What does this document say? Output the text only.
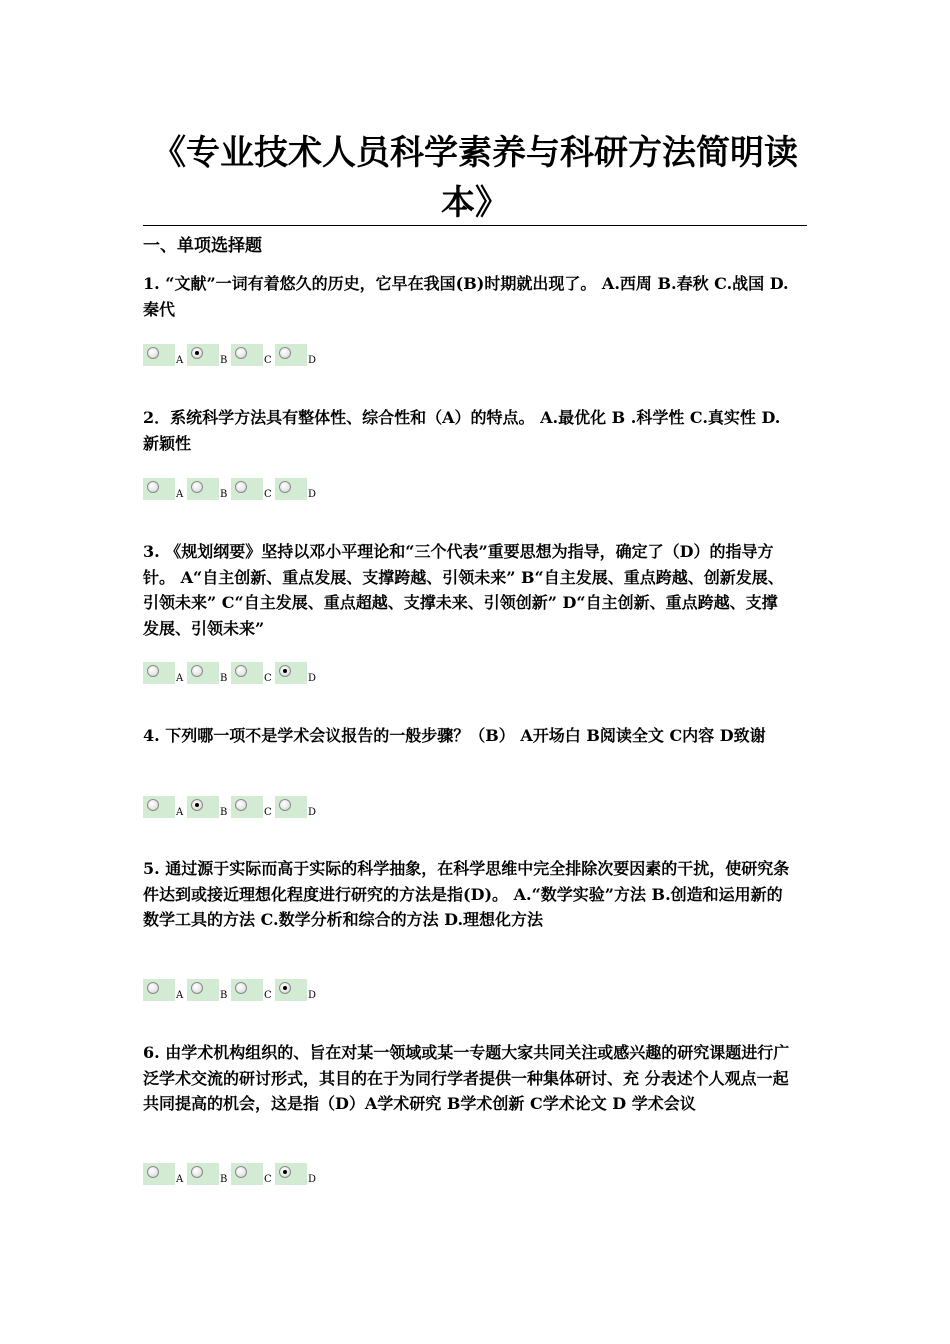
《专业技术人员科学素养与科研方法简明读本》
一、单项选择题
1. “文献”一词有着悠久的历史，它早在我国(B)时期就出现了。 A.西周 B.春秋 C.战国 D.秦代
A	B	C	D
2．系统科学方法具有整体性、综合性和（A）的特点。 A.最优化 B .科学性 C.真实性 D.新颖性
A	B	C	D
3. 《规划纲要》坚持以邓小平理论和“三个代表”重要思想为指导，确定了（D）的指导方针。 A“自主创新、重点发展、支撑跨越、引领未来” B“自主发展、重点跨越、创新发展、引领未来” C“自主发展、重点超越、支撑未来、引领创新” D“自主创新、重点跨越、支撑发展、引领未来”
A	B	C	D
4. 下列哪一项不是学术会议报告的一般步骤？（B） A开场白 B阅读全文 C内容 D致谢
A	B	C	D
5. 通过源于实际而高于实际的科学抽象，在科学思维中完全排除次要因素的干扰，使研究条件达到或接近理想化程度进行研究的方法是指(D)。 A.“数学实验”方法 B.创造和运用新的数学工具的方法 C.数学分析和综合的方法 D.理想化方法
A	B	C	D
6. 由学术机构组织的、旨在对某一领域或某一专题大家共同关注或感兴趣的研究课题进行广泛学术交流的研讨形式，其目的在于为同行学者提供一种集体研讨、充 分表述个人观点一起共同提高的机会，这是指（D）A学术研究 B学术创新 C学术论文 D 学术会议
A	B	C	D
